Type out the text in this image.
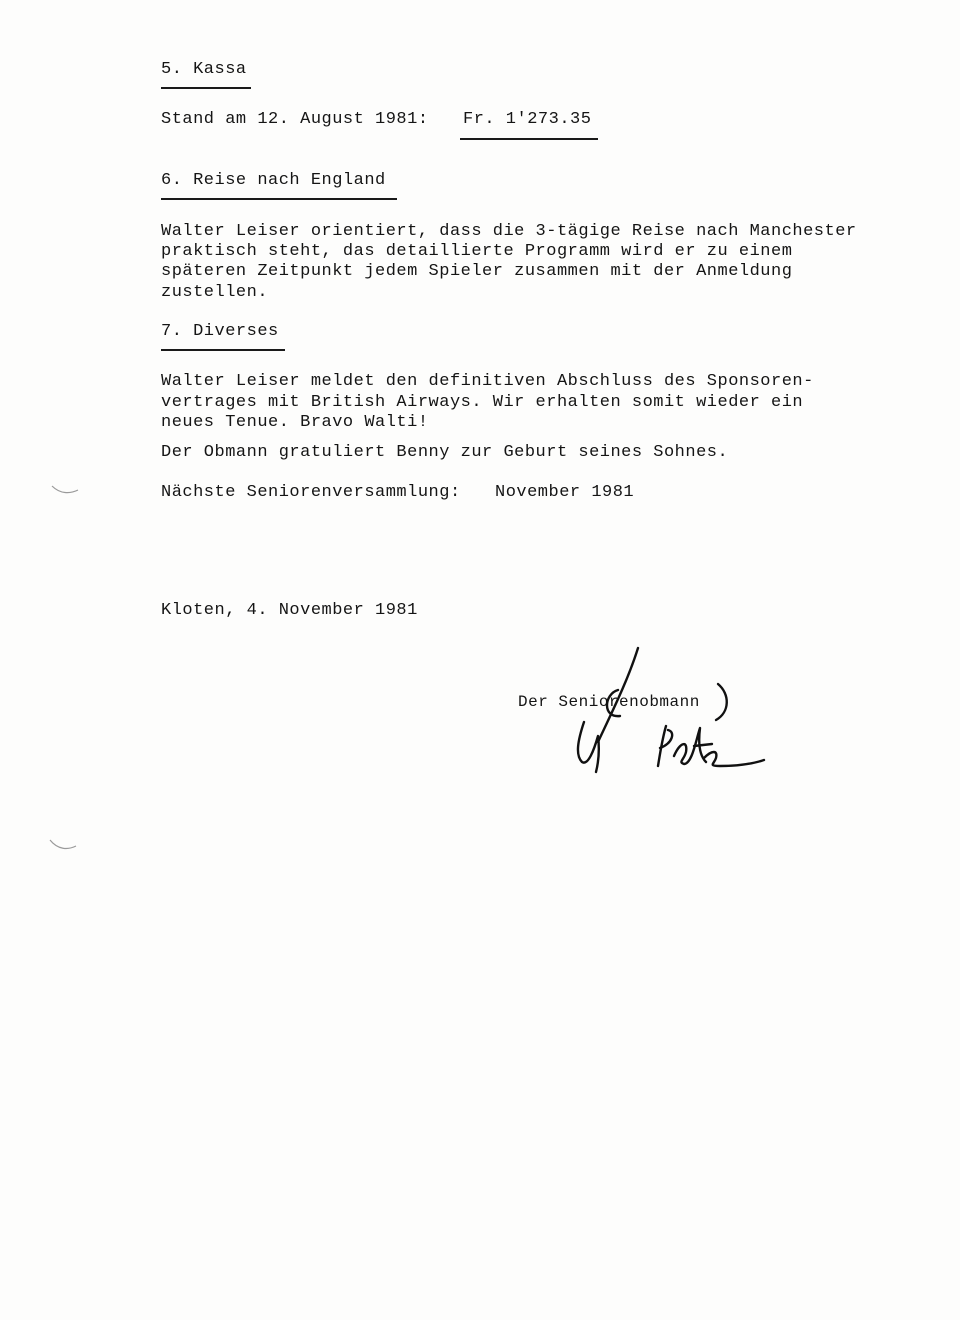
5. Kassa
Stand am 12. August 1981: Fr. 1'273.35
6. Reise nach England
Walter Leiser orientiert, dass die 3-tägige Reise nach Manchester
praktisch steht, das detaillierte Programm wird er zu einem
späteren Zeitpunkt jedem Spieler zusammen mit der Anmeldung
zustellen.
7. Diverses
Walter Leiser meldet den definitiven Abschluss des Sponsoren-
vertrages mit British Airways. Wir erhalten somit wieder ein
neues Tenue. Bravo Walti!
Der Obmann gratuliert Benny zur Geburt seines Sohnes.
Nächste Seniorenversammlung: November 1981
Kloten, 4. November 1981
Der Seniorenobmann
